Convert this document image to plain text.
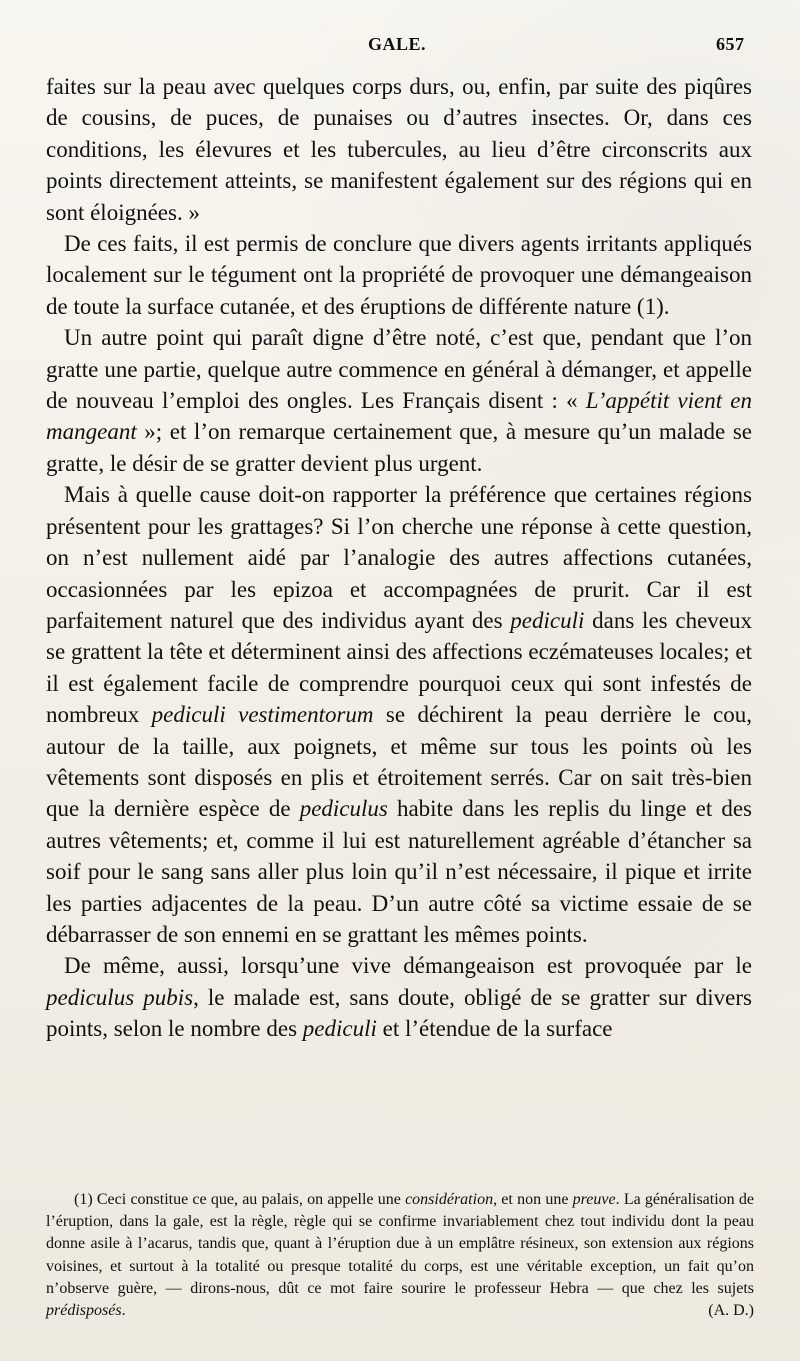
GALE.	657

faites sur la peau avec quelques corps durs, ou, enfin, par suite des piqûres de cousins, de puces, de punaises ou d’autres insectes. Or, dans ces conditions, les élevures et les tubercules, au lieu d’être circonscrits aux points directement atteints, se manifestent également sur des régions qui en sont éloignées. »

De ces faits, il est permis de conclure que divers agents irritants appliqués localement sur le tégument ont la propriété de provoquer une démangeaison de toute la surface cutanée, et des éruptions de différente nature (1).

Un autre point qui paraît digne d’être noté, c’est que, pendant que l’on gratte une partie, quelque autre commence en général à démanger, et appelle de nouveau l’emploi des ongles. Les Français disent : « L’appétit vient en mangeant »; et l’on remarque certainement que, à mesure qu’un malade se gratte, le désir de se gratter devient plus urgent.

Mais à quelle cause doit-on rapporter la préférence que certaines régions présentent pour les grattages? Si l’on cherche une réponse à cette question, on n’est nullement aidé par l’analogie des autres affections cutanées, occasionnées par les epizoa et accompagnées de prurit. Car il est parfaitement naturel que des individus ayant des pediculi dans les cheveux se grattent la tête et déterminent ainsi des affections eczémateuses locales; et il est également facile de comprendre pourquoi ceux qui sont infestés de nombreux pediculi vestimentorum se déchirent la peau derrière le cou, autour de la taille, aux poignets, et même sur tous les points où les vêtements sont disposés en plis et étroitement serrés. Car on sait très-bien que la dernière espèce de pediculus habite dans les replis du linge et des autres vêtements; et, comme il lui est naturellement agréable d’étancher sa soif pour le sang sans aller plus loin qu’il n’est nécessaire, il pique et irrite les parties adjacentes de la peau. D’un autre côté sa victime essaie de se débarrasser de son ennemi en se grattant les mêmes points.

De même, aussi, lorsqu’une vive démangeaison est provoquée par le pediculus pubis, le malade est, sans doute, obligé de se gratter sur divers points, selon le nombre des pediculi et l’étendue de la surface

(1) Ceci constitue ce que, au palais, on appelle une considération, et non une preuve. La généralisation de l’éruption, dans la gale, est la règle, règle qui se confirme invariablement chez tout individu dont la peau donne asile à l’acarus, tandis que, quant à l’éruption due à un emplâtre résineux, son extension aux régions voisines, et surtout à la totalité ou presque totalité du corps, est une véritable exception, un fait qu’on n’observe guère, — dirons-nous, dût ce mot faire sourire le professeur Hebra — que chez les sujets prédisposés.	(A. D.)
